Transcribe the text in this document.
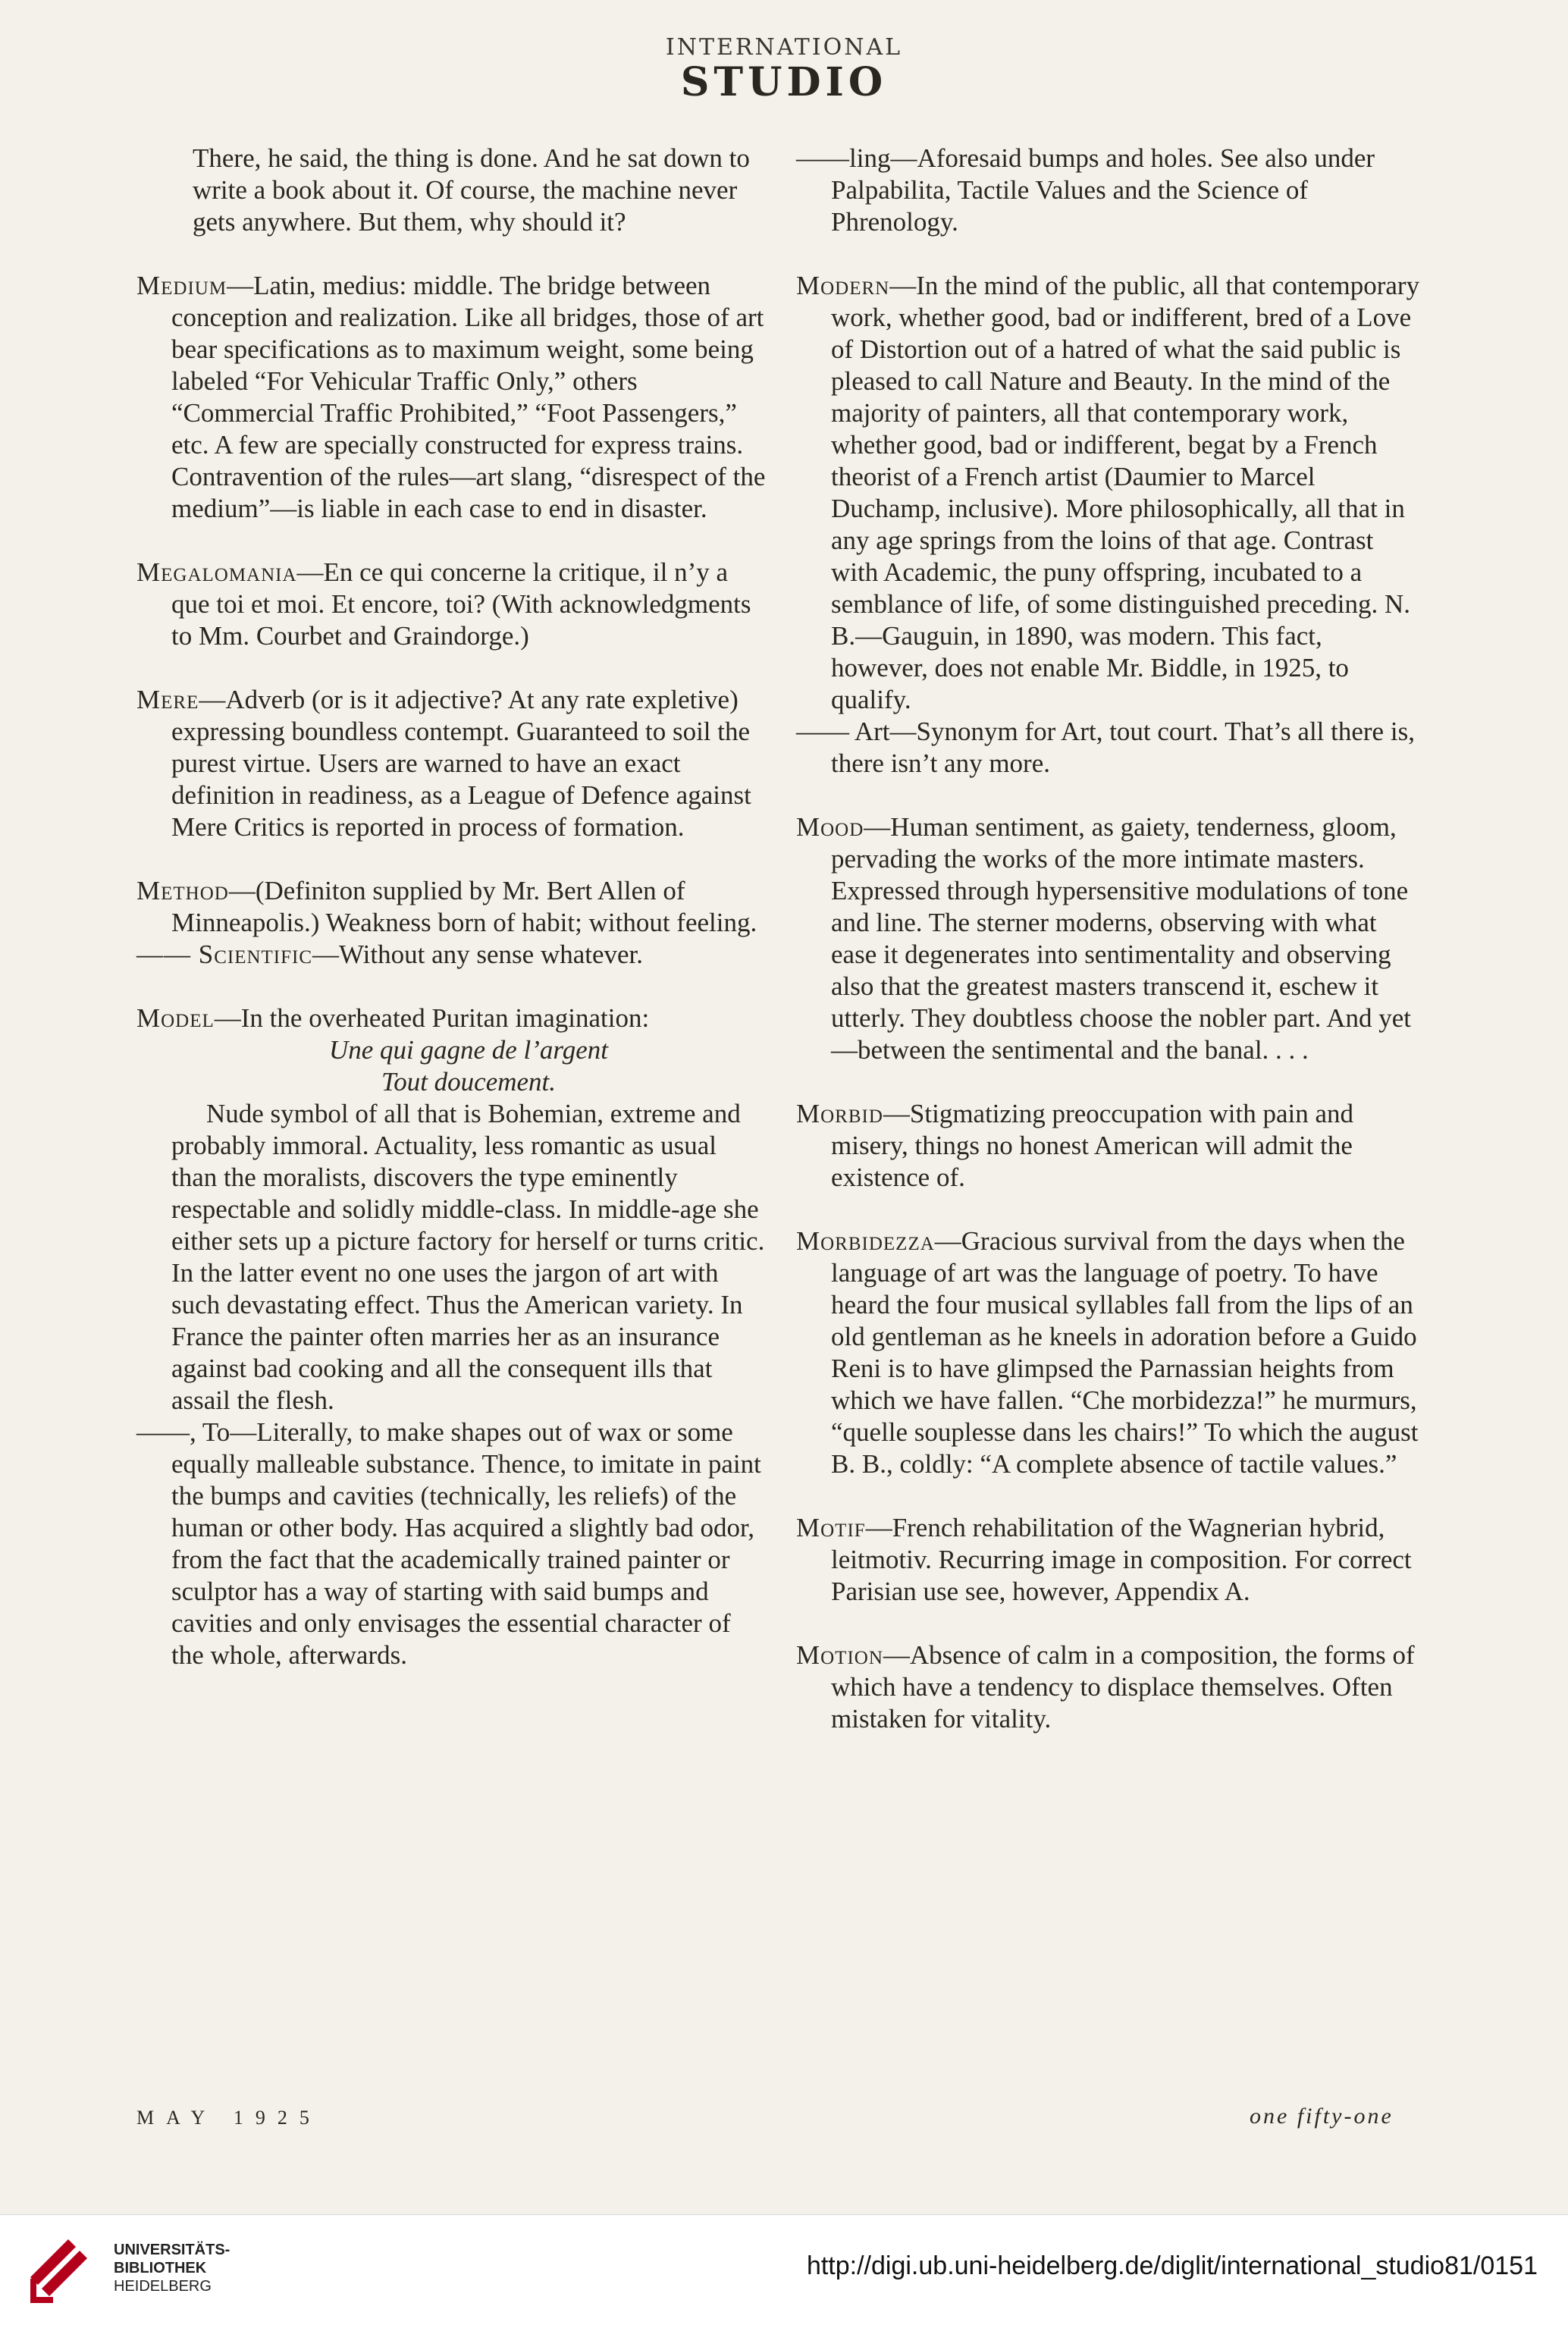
INTERNATIONAL
STUDIO

There, he said, the thing is done. And he sat down to write a book about it. Of course, the machine never gets anywhere. But them, why should it?

Medium—Latin, medius: middle. The bridge between conception and realization. Like all bridges, those of art bear specifications as to maximum weight, some being labeled “For Vehicular Traffic Only,” others “Commercial Traffic Prohibited,” “Foot Passengers,” etc. A few are specially constructed for express trains. Contravention of the rules—art slang, “disrespect of the medium”—is liable in each case to end in disaster.

Megalomania—En ce qui concerne la critique, il n’y a que toi et moi. Et encore, toi? (With acknowledgments to Mm. Courbet and Graindorge.)

Mere—Adverb (or is it adjective? At any rate expletive) expressing boundless contempt. Guaranteed to soil the purest virtue. Users are warned to have an exact definition in readiness, as a League of Defence against Mere Critics is reported in process of formation.

Method—(Definiton supplied by Mr. Bert Allen of Minneapolis.) Weakness born of habit; without feeling.

—— Scientific—Without any sense whatever.

Model—In the overheated Puritan imagination:

Une qui gagne de l’argent

Tout doucement.

Nude symbol of all that is Bohemian, extreme and probably immoral. Actuality, less romantic as usual than the moralists, discovers the type eminently respectable and solidly middle-class. In middle-age she either sets up a picture factory for herself or turns critic. In the latter event no one uses the jargon of art with such devastating effect. Thus the American variety. In France the painter often marries her as an insurance against bad cooking and all the consequent ills that assail the flesh.

——, To—Literally, to make shapes out of wax or some equally malleable substance. Thence, to imitate in paint the bumps and cavities (technically, les reliefs) of the human or other body. Has acquired a slightly bad odor, from the fact that the academically trained painter or sculptor has a way of starting with said bumps and cavities and only envisages the essential character of the whole, afterwards.

——ling—Aforesaid bumps and holes. See also under Palpabilita, Tactile Values and the Science of Phrenology.

Modern—In the mind of the public, all that contemporary work, whether good, bad or indifferent, bred of a Love of Distortion out of a hatred of what the said public is pleased to call Nature and Beauty. In the mind of the majority of painters, all that contemporary work, whether good, bad or indifferent, begat by a French theorist of a French artist (Daumier to Marcel Duchamp, inclusive). More philosophically, all that in any age springs from the loins of that age. Contrast with Academic, the puny offspring, incubated to a semblance of life, of some distinguished preceding. N. B.—Gauguin, in 1890, was modern. This fact, however, does not enable Mr. Biddle, in 1925, to qualify.

—— Art—Synonym for Art, tout court. That’s all there is, there isn’t any more.

Mood—Human sentiment, as gaiety, tenderness, gloom, pervading the works of the more intimate masters. Expressed through hypersensitive modulations of tone and line. The sterner moderns, observing with what ease it degenerates into sentimentality and observing also that the greatest masters transcend it, eschew it utterly. They doubtless choose the nobler part. And yet—between the sentimental and the banal. . . .

Morbid—Stigmatizing preoccupation with pain and misery, things no honest American will admit the existence of.

Morbidezza—Gracious survival from the days when the language of art was the language of poetry. To have heard the four musical syllables fall from the lips of an old gentleman as he kneels in adoration before a Guido Reni is to have glimpsed the Parnassian heights from which we have fallen. “Che morbidezza!” he murmurs, “quelle souplesse dans les chairs!” To which the august B. B., coldly: “A complete absence of tactile values.”

Motif—French rehabilitation of the Wagnerian hybrid, leitmotiv. Recurring image in composition. For correct Parisian use see, however, Appendix A.

Motion—Absence of calm in a composition, the forms of which have a tendency to displace themselves. Often mistaken for vitality.

MAY 1925	one fifty-one
UNIVERSITÄTS-
BIBLIOTHEK
HEIDELBERG
http://digi.ub.uni-heidelberg.de/diglit/international_studio81/0151
